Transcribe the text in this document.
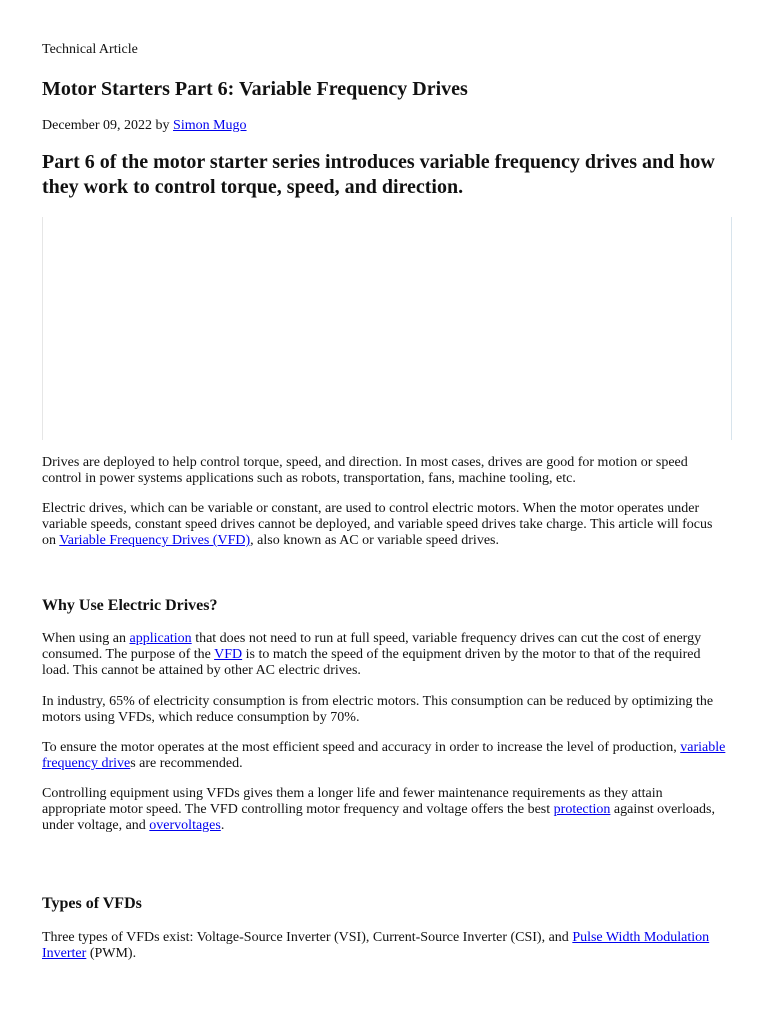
Technical Article
Motor Starters Part 6: Variable Frequency Drives
December 09, 2022 by Simon Mugo
Part 6 of the motor starter series introduces variable frequency drives and how they work to control torque, speed, and direction.

Drives are deployed to help control torque, speed, and direction. In most cases, drives are good for motion or speed control in power systems applications such as robots, transportation, fans, machine tooling, etc.

Electric drives, which can be variable or constant, are used to control electric motors. When the motor operates under variable speeds, constant speed drives cannot be deployed, and variable speed drives take charge. This article will focus on Variable Frequency Drives (VFD), also known as AC or variable speed drives.

Why Use Electric Drives?

When using an application that does not need to run at full speed, variable frequency drives can cut the cost of energy consumed. The purpose of the VFD is to match the speed of the equipment driven by the motor to that of the required load. This cannot be attained by other AC electric drives.

In industry, 65% of electricity consumption is from electric motors. This consumption can be reduced by optimizing the motors using VFDs, which reduce consumption by 70%.

To ensure the motor operates at the most efficient speed and accuracy in order to increase the level of production, variable frequency drives are recommended.

Controlling equipment using VFDs gives them a longer life and fewer maintenance requirements as they attain appropriate motor speed. The VFD controlling motor frequency and voltage offers the best protection against overloads, under voltage, and overvoltages.

Types of VFDs

Three types of VFDs exist: Voltage-Source Inverter (VSI), Current-Source Inverter (CSI), and Pulse Width Modulation Inverter (PWM).
